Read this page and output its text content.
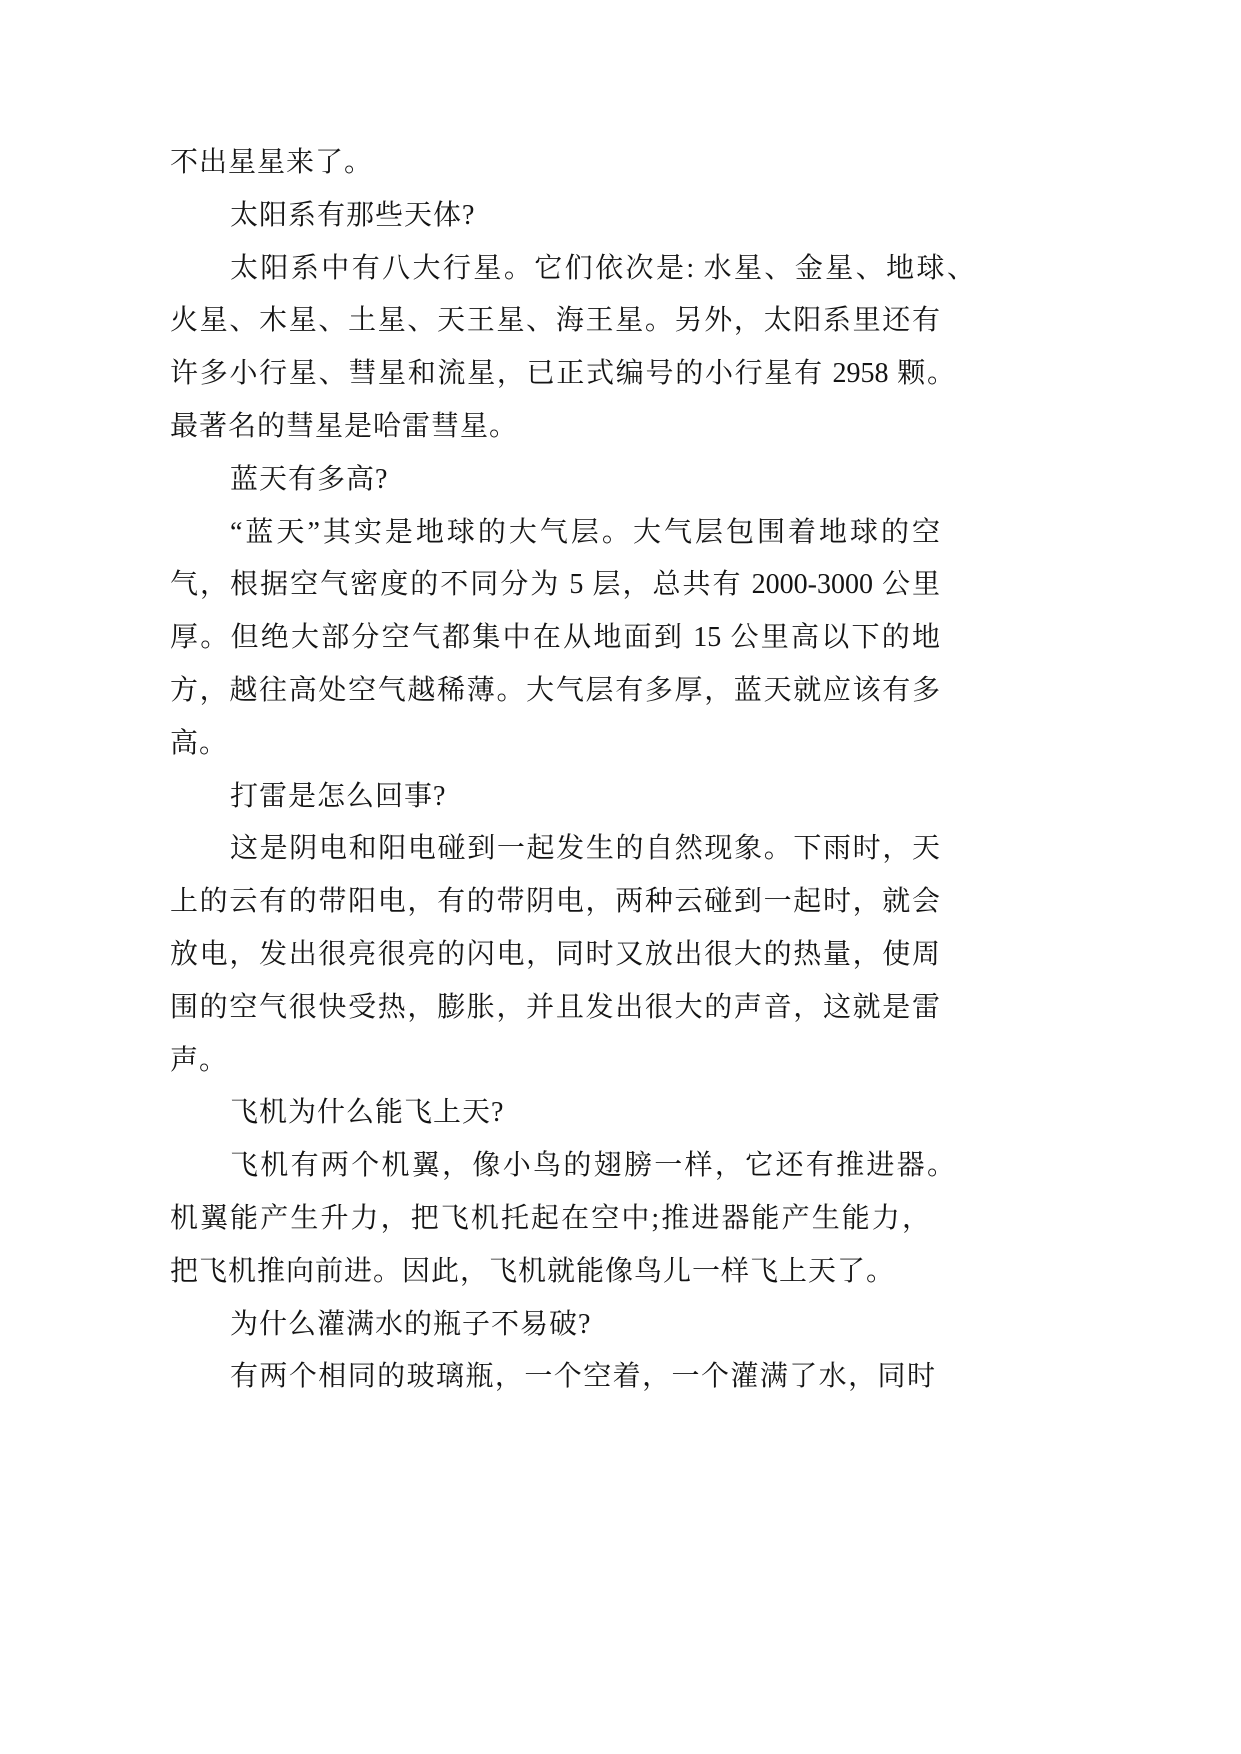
不出星星来了。
太阳系有那些天体?
太阳系中有八大行星。它们依次是: 水星、金星、地球、
火星、木星、土星、天王星、海王星。另外，太阳系里还有
许多小行星、彗星和流星，已正式编号的小行星有 2958 颗。
最著名的彗星是哈雷彗星。
蓝天有多高?
“蓝天”其实是地球的大气层。大气层包围着地球的空
气，根据空气密度的不同分为 5 层，总共有 2000-3000 公里
厚。但绝大部分空气都集中在从地面到 15 公里高以下的地
方，越往高处空气越稀薄。大气层有多厚，蓝天就应该有多
高。
打雷是怎么回事?
这是阴电和阳电碰到一起发生的自然现象。下雨时，天
上的云有的带阳电，有的带阴电，两种云碰到一起时，就会
放电，发出很亮很亮的闪电，同时又放出很大的热量，使周
围的空气很快受热，膨胀，并且发出很大的声音，这就是雷
声。
飞机为什么能飞上天?
飞机有两个机翼，像小鸟的翅膀一样，它还有推进器。
机翼能产生升力，把飞机托起在空中;推进器能产生能力，
把飞机推向前进。因此，飞机就能像鸟儿一样飞上天了。
为什么灌满水的瓶子不易破?
有两个相同的玻璃瓶，一个空着，一个灌满了水，同时
